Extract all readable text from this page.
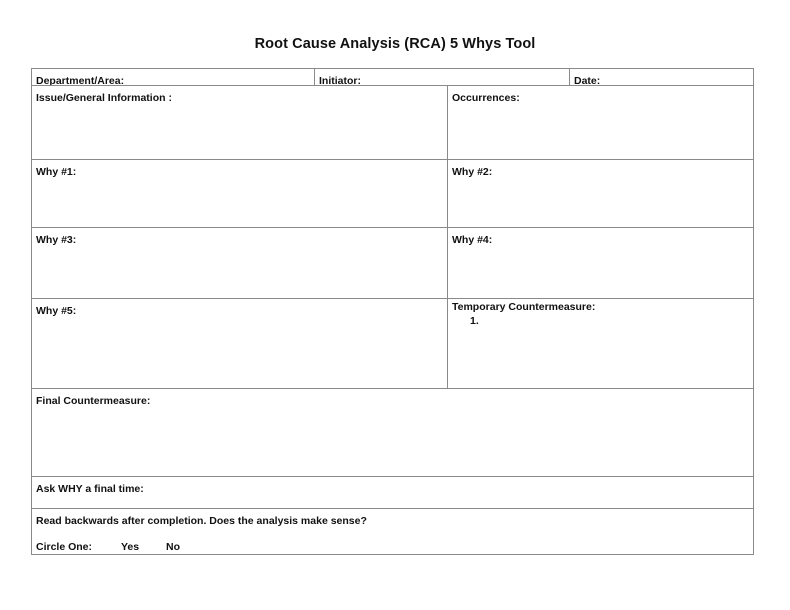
Root Cause Analysis (RCA) 5 Whys Tool
Department/Area:	Initiator:	Date:
Issue/General Information :	Occurrences:
Why #1:	Why #2:
Why #3:	Why #4:
Why #5:	Temporary Countermeasure:
1.
Final Countermeasure:
Ask WHY a final time:
Read backwards after completion. Does the analysis make sense?
Circle One:	Yes	No
